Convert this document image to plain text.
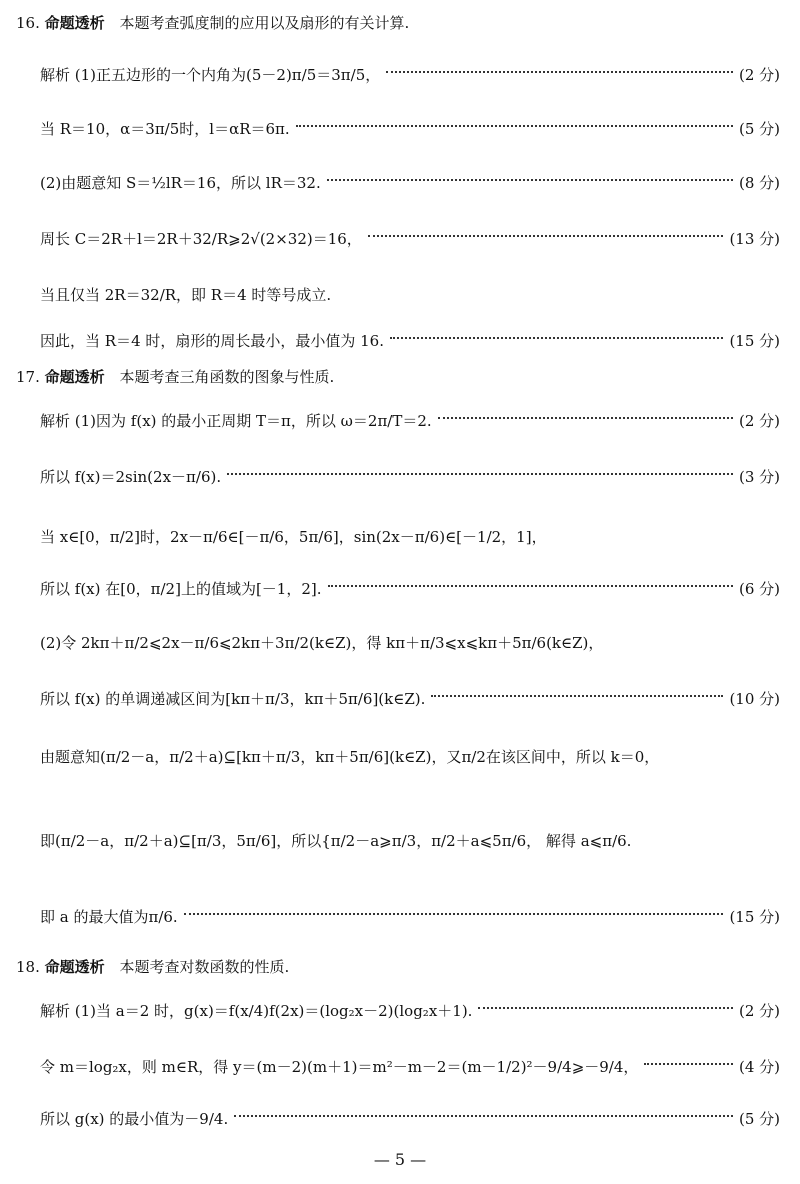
16. 命题透析 本题考查弧度制的应用以及扇形的有关计算.
解析 (1)正五边形的一个内角为(5－2)π/5＝3π/5，	(2 分)
当 R＝10，α＝3π/5时，l＝αR＝6π.	(5 分)
(2)由题意知 S＝½lR＝16，所以 lR＝32.	(8 分)
周长 C＝2R＋l＝2R＋32/R⩾2√(2×32)＝16，	(13 分)
当且仅当 2R＝32/R，即 R＝4 时等号成立.
因此，当 R＝4 时，扇形的周长最小，最小值为 16.	(15 分)
17. 命题透析 本题考查三角函数的图象与性质.
解析 (1)因为 f(x) 的最小正周期 T＝π，所以 ω＝2π/T＝2.	(2 分)
所以 f(x)＝2sin(2x－π/6).	(3 分)
当 x∈[0，π/2]时，2x－π/6∈[－π/6，5π/6]，sin(2x－π/6)∈[－1/2，1]，
所以 f(x) 在[0，π/2]上的值域为[－1，2].	(6 分)
(2)令 2kπ＋π/2⩽2x－π/6⩽2kπ＋3π/2(k∈Z)，得 kπ＋π/3⩽x⩽kπ＋5π/6(k∈Z)，
所以 f(x) 的单调递减区间为[kπ＋π/3，kπ＋5π/6](k∈Z).	(10 分)
由题意知(π/2－a，π/2＋a)⊆[kπ＋π/3，kπ＋5π/6](k∈Z)，又π/2在该区间中，所以 k＝0，
即(π/2－a，π/2＋a)⊆[π/3，5π/6]，所以{π/2－a⩾π/3，π/2＋a⩽5π/6， 解得 a⩽π/6.
即 a 的最大值为π/6.	(15 分)
18. 命题透析 本题考查对数函数的性质.
解析 (1)当 a＝2 时，g(x)＝f(x/4)f(2x)＝(log₂x－2)(log₂x＋1).	(2 分)
令 m＝log₂x，则 m∈R，得 y＝(m－2)(m＋1)＝m²－m－2＝(m－1/2)²－9/4⩾－9/4，	(4 分)
所以 g(x) 的最小值为－9/4.	(5 分)
— 5 —
